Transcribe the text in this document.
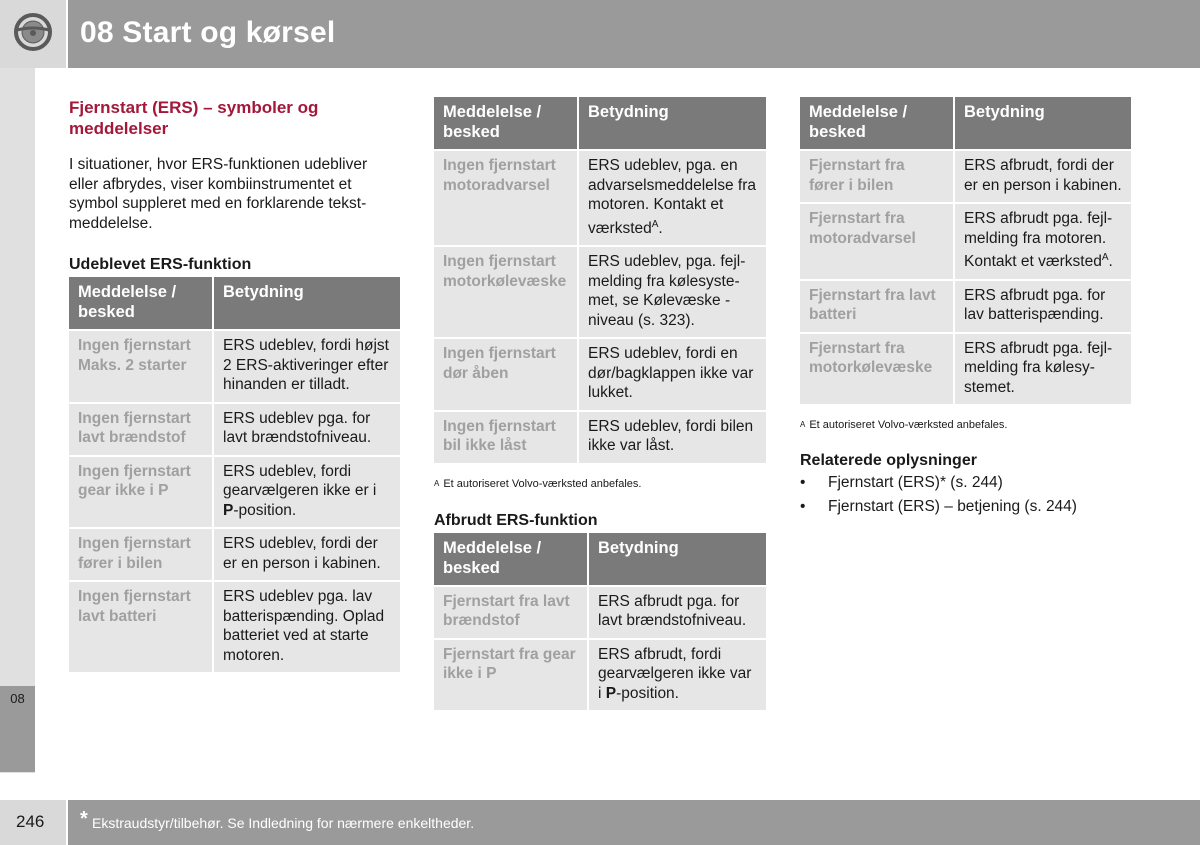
08 Start og kørsel
08
Fjernstart (ERS) – symboler og meddelelser
I situationer, hvor ERS-funktionen udebliver eller afbrydes, viser kombiinstrumentet et symbol suppleret med en forklarende tekstmeddelelse.
Udeblevet ERS-funktion
Meddelelse / besked	Betydning
Ingen fjernstart Maks. 2 starter	ERS udeblev, fordi højst 2 ERS-aktiveringer efter hinanden er tilladt.
Ingen fjernstart lavt brændstof	ERS udeblev pga. for lavt brændstofniveau.
Ingen fjernstart gear ikke i P	ERS udeblev, fordi gearvælgeren ikke er i P-position.
Ingen fjernstart fører i bilen	ERS udeblev, fordi der er en person i kabinen.
Ingen fjernstart lavt batteri	ERS udeblev pga. lav batterispænding. Oplad batteriet ved at starte motoren.
Meddelelse / besked	Betydning
Ingen fjernstart motoradvarsel	ERS udeblev, pga. en advarselsmeddelelse fra motoren. Kontakt et værksted$^A$.
Ingen fjernstart motorkølevæske	ERS udeblev, pga. fejlmelding fra kølesystemet, se Kølevæske - niveau (s. 323).
Ingen fjernstart dør åben	ERS udeblev, fordi en dør/bagklappen ikke var lukket.
Ingen fjernstart bil ikke låst	ERS udeblev, fordi bilen ikke var låst.
$^A$ Et autoriseret Volvo-værksted anbefales.
Afbrudt ERS-funktion
Meddelelse / besked	Betydning
Fjernstart fra lavt brændstof	ERS afbrudt pga. for lavt brændstofniveau.
Fjernstart fra gear ikke i P	ERS afbrudt, fordi gearvælgeren ikke var i P-position.
Meddelelse / besked	Betydning
Fjernstart fra fører i bilen	ERS afbrudt, fordi der er en person i kabinen.
Fjernstart fra motoradvarsel	ERS afbrudt pga. fejlmelding fra motoren. Kontakt et værksted$^A$.
Fjernstart fra lavt batteri	ERS afbrudt pga. for lav batterispænding.
Fjernstart fra motorkølevæske	ERS afbrudt pga. fejlmelding fra kølesystemet.
$^A$ Et autoriseret Volvo-værksted anbefales.
Relaterede oplysninger
• Fjernstart (ERS)* (s. 244)
• Fjernstart (ERS) – betjening (s. 244)
246 * Ekstraudstyr/tilbehør. Se Indledning for nærmere enkeltheder.
